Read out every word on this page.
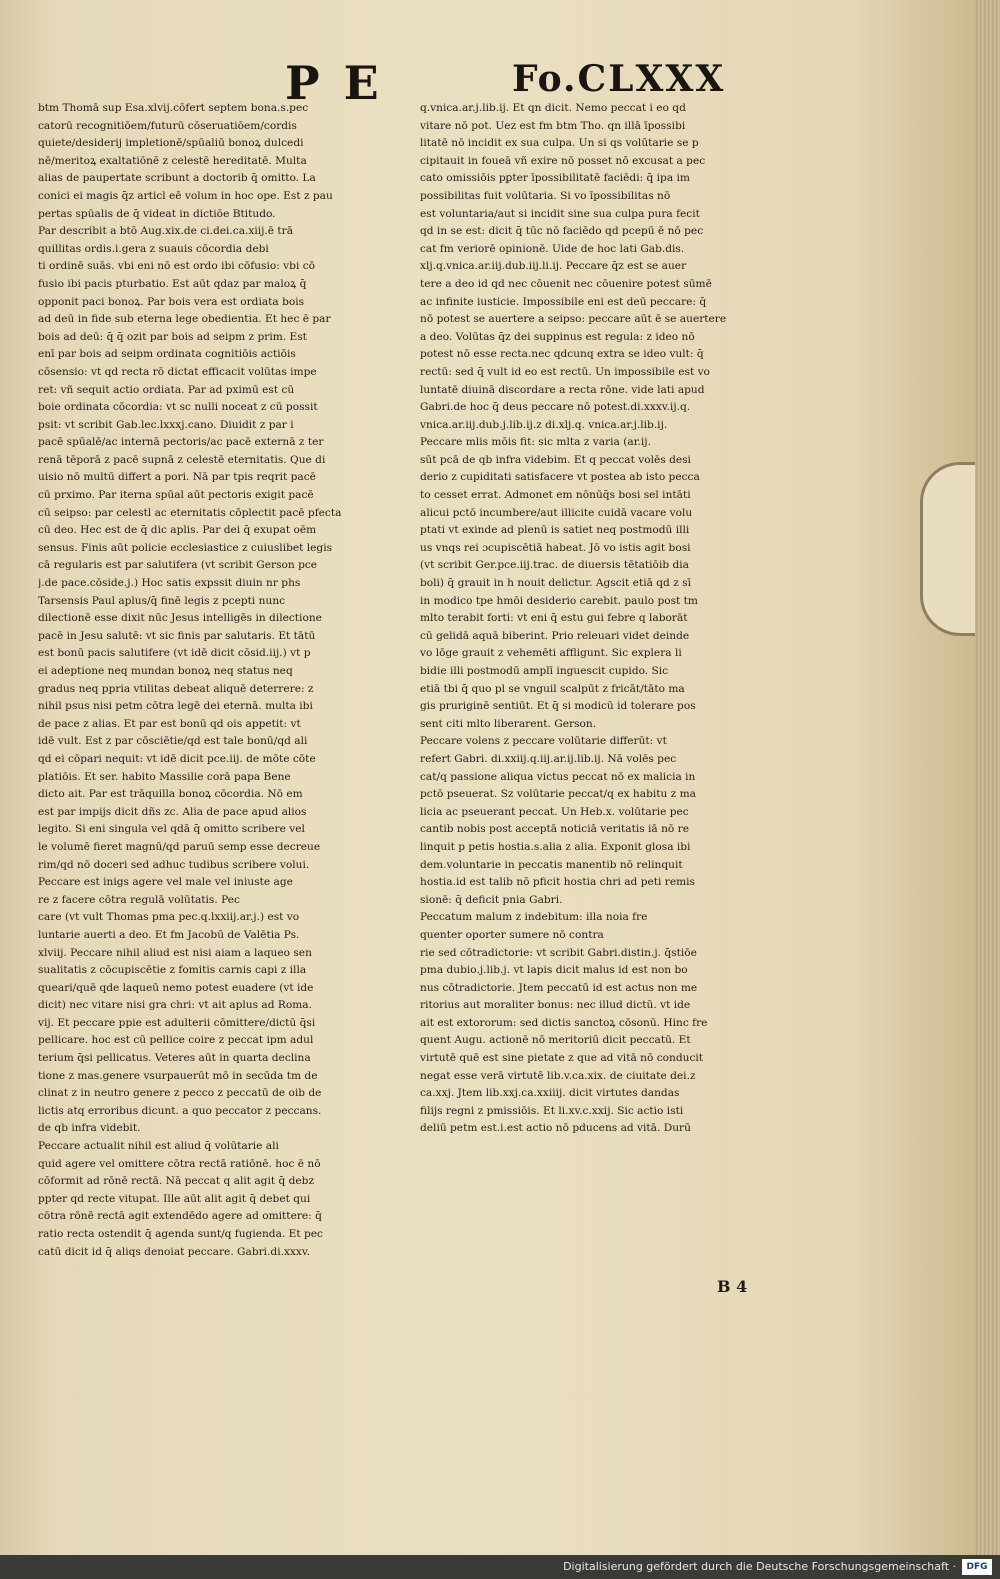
P E	Fo.CLXXX
btm Thomā sup Esa.xlvij.cōfert septem bona.s.pec
catorū recognitiōem/futurū cōseruatiōem/cordis
quiete/desiderij impletionē/spūaliū bonoꝝ dulcedi
nē/meritoꝝ exaltatiōnē z celestē hereditatē. Multa
alias de paupertate scribunt a doctorib q̄ omitto. La
conici ei magis q̄z articl eē volum in hoc ope. Est z pau
pertas spūalis de q̄ videat in dictiōe Btitudo.
Par describit a btō Aug.xix.de ci.dei.ca.xiij.ē trā
quillitas ordis.i.gera z suauis cōcordia debi
ti ordinē suās. vbi eni nō est ordo ibi cōfusio: vbi cō
fusio ibi pacis pturbatio. Est aūt qdaz par maloꝝ q̄
opponit paci bonoꝝ. Par bois vera est ordiata bois
ad deū in fide sub eterna lege obedientia. Et hec ē par
bois ad deū: q̄ q̄ ozit par bois ad seipm z prim. Est
enī par bois ad seipm ordinata cognitiōis actiōis
cōsensio: vt qd recta rō dictat efficacit volūtas impe
ret: vñ sequit actio ordiata. Par ad pximū est cū
boie ordinata cōcordia: vt sc nulli noceat z cū possit
psit: vt scribit Gab.lec.lxxxj.cano. Diuidit z par i
pacē spūalē/ac internā pectoris/ac pacē externā z ter
renā tēporā z pacē supnā z celestē eternitatis. Que di
uisio nō multū differt a pori. Nā par tpis reqrit pacē
cū prximo. Par iterna spūal aūt pectoris exigit pacē
cū seipso: par celestl ac eternitatis cōplectit pacē pfecta
cū deo. Hec est de q̄ dic aplis. Par dei q̄ exupat oēm
sensus. Finis aūt policie ecclesiastice z cuiuslibet legis
cā regularis est par salutifera (vt scribit Gerson pce
j.de pace.cōside.j.) Hoc satis expssit diuin nr phs
Tarsensis Paul aplus/q̄ finē legis z pcepti nunc
dilectionē esse dixit nūc Jesus intelligēs in dilectione
pacē in Jesu salutē: vt sic finis par salutaris. Et tātū
est bonū pacis salutifere (vt idē dicit cōsid.iij.) vt p
ei adeptione neq mundan bonoꝝ neq status neq
gradus neq ppria vtilitas debeat aliquē deterrere: z
nihil psus nisi petm cōtra legē dei eternā. multa ibi
de pace z alias. Et par est bonū qd ois appetit: vt
idē vult. Est z par cōsciētie/qd est tale bonū/qd ali
qd ei cōpari nequit: vt idē dicit pce.iij. de mōte cōte
platiōis. Et ser. habito Massilie corā papa Bene
dicto ait. Par est trāquilla bonoꝝ cōcordia. Nō em
est par impijs dicit dñs zc. Alia de pace apud alios
legito. Si eni singula vel qdā q̄ omitto scribere vel
le volumē fieret magnū/qd paruū semp esse decreue
rim/qd nō doceri sed adhuc tudibus scribere volui.
Peccare est inigs agere vel male vel iniuste age
re z facere cōtra regulā volūtatis. Pec
care (vt vult Thomas pma pec.q.lxxiij.ar.j.) est vo
luntarie auerti a deo. Et fm Jacobū de Valētia Ps.
xlviij. Peccare nihil aliud est nisi aiam a laqueo sen
sualitatis z cōcupiscētie z fomitis carnis capi z illa
queari/quē qde laqueū nemo potest euadere (vt ide
dicit) nec vitare nisi gra chri: vt ait aplus ad Roma.
vij. Et peccare ppie est adulterii cōmittere/dictū q̄si
pellicare. hoc est cū pellice coire z peccat ipm adul
terium q̄si pellicatus. Veteres aūt in quarta declina
tione z mas.genere vsurpauerūt mō in secūda tm de
clinat z in neutro genere z pecco z peccatū de oib de
lictis atq erroribus dicunt. a quo peccator z peccans.
de qb infra videbit.
Peccare actualit nihil est aliud q̄ volūtarie ali
quid agere vel omittere cōtra rectā ratiōnē. hoc ē nō
cōformit ad rōnē rectā. Nā peccat q alit agit q̄ debz
ppter qd recte vitupat. Ille aūt alit agit q̄ debet qui
cōtra rōnē rectā agit extendēdo agere ad omittere: q̄
ratio recta ostendit q̄ agenda sunt/q fugienda. Et pec
catū dicit id q̄ aliqs denoiat peccare. Gabri.di.xxxv.
q.vnica.ar.j.lib.ij. Et qn dicit. Nemo peccat i eo qd
vitare nō pot. Uez est fm btm Tho. qn illā īpossibi
litatē nō incidit ex sua culpa. Un si qs volūtarie se p
cipitauit in foueā vñ exire nō posset nō excusat a pec
cato omissiōis pꝑter īpossibilitatē faciēdi: q̄ ipa im
possibilitas fuit volūtaria. Si vo īpossibilitas nō
est voluntaria/aut si incidit sine sua culpa pura fecit
qd in se est: dicit q̄ tūc nō faciēdo qd pcepū ē nō pec
cat fm veriorē opinionē. Uide de hoc lati Gab.dis.
xlj.q.vnica.ar.iij.dub.iij.li.ij. Peccare q̄z est se auer
tere a deo id qd nec cōuenit nec cōuenire potest sūmē
ac infinite iusticie. Impossibile eni est deū peccare: q̄
nō potest se auertere a seipso: peccare aūt ē se auertere
a deo. Volūtas q̄z dei suppinus est regula: z ideo nō
potest nō esse recta.nec qdcunq extra se ideo vult: q̄
rectū: sed q̄ vult id eo est rectū. Un impossibile est vo
luntatē diuinā discordare a recta rōne. vide lati apud
Gabri.de hoc q̄ deus peccare nō potest.di.xxxv.ij.q.
vnica.ar.iij.dub.j.lib.ij.z di.xlj.q. vnica.ar.j.lib.ij.
Peccare mlis mōis fit: sic mlta z varia (ar.ij.
sūt pcā de qb infra videbim. Et q peccat volēs desi
derio z cupiditati satisfacere vt postea ab isto pecca
to cesset errat. Admonet em nōnūq̄s bosi sel intāti
alicui pctō incumbere/aut illicite cuidā vacare volu
ptati vt exinde ad plenū is satiet neq postmodū illi
us vnqs rei ɔcupiscētiā habeat. Jō vo istis agit bosi
(vt scribit Ger.pce.iij.trac. de diuersis tētatiōib dia
boli) q̄ grauit in h nouit delictur. Agscit etiā qd z sī
in modico tpe hmōi desiderio carebit. paulo post tm
mlto terabit forti: vt eni q̄ estu gui febre q laborāt
cū gelidā aquā biberint. Prio releuari videt deinde
vo lōge grauit z vehemēti affligunt. Sic explera li
bidie illi postmodū amplī inguescit cupido. Sic
etiā tbi q̄ quo pl se vnguil scalpūt z fricāt/tāto ma
gis pruriginē sentiūt. Et q̄ si modicū id tolerare pos
sent citi mlto liberarent. Gerson.
Peccare volens z peccare volūtarie differūt: vt
refert Gabri. di.xxiij.q.iij.ar.ij.lib.ij. Nā volēs pec
cat/q passione aliqua victus peccat nō ex malicia in
pctō pseuerat. Sz volūtarie peccat/q ex habitu z ma
licia ac pseuerant peccat. Un Heb.x. volūtarie pec
cantib nobis post acceptā noticiā veritatis iā nō re
linquit p petis hostia.s.alia z alia. Exponit glosa ibi
dem.voluntarie in peccatis manentib nō relinquit
hostia.id est talib nō pficit hostia chri ad peti remis
sionē: q̄ deficit pnia Gabri.
Peccatum malum z indebitum: illa noia fre
quenter oporter sumere nō contra
rie sed cōtradictorie: vt scribit Gabri.distin.j. q̄stiōe
pma dubio.j.lib.j. vt lapis dicit malus id est non bo
nus cōtradictorie. Jtem peccatū id est actus non me
ritorius aut moraliter bonus: nec illud dictū. vt ide
ait est extororum: sed dictis sanctoꝝ cōsonū. Hinc fre
quent Augu. actionē nō meritoriū dicit peccatū. Et
virtutē quē est sine pietate z que ad vitā nō conducit
negat esse verā virtutē lib.v.ca.xix. de ciuitate dei.z
ca.xxj. Jtem lib.xxj.ca.xxiiij. dicit virtutes dandas
filijs regni z pmissiōis. Et li.xv.c.xxij. Sic actio isti
deliū petm est.i.est actio nō pducens ad vitā. Durū
B 4
Digitalisierung gefördert durch die Deutsche Forschungsgemeinschaft ·	DFG
